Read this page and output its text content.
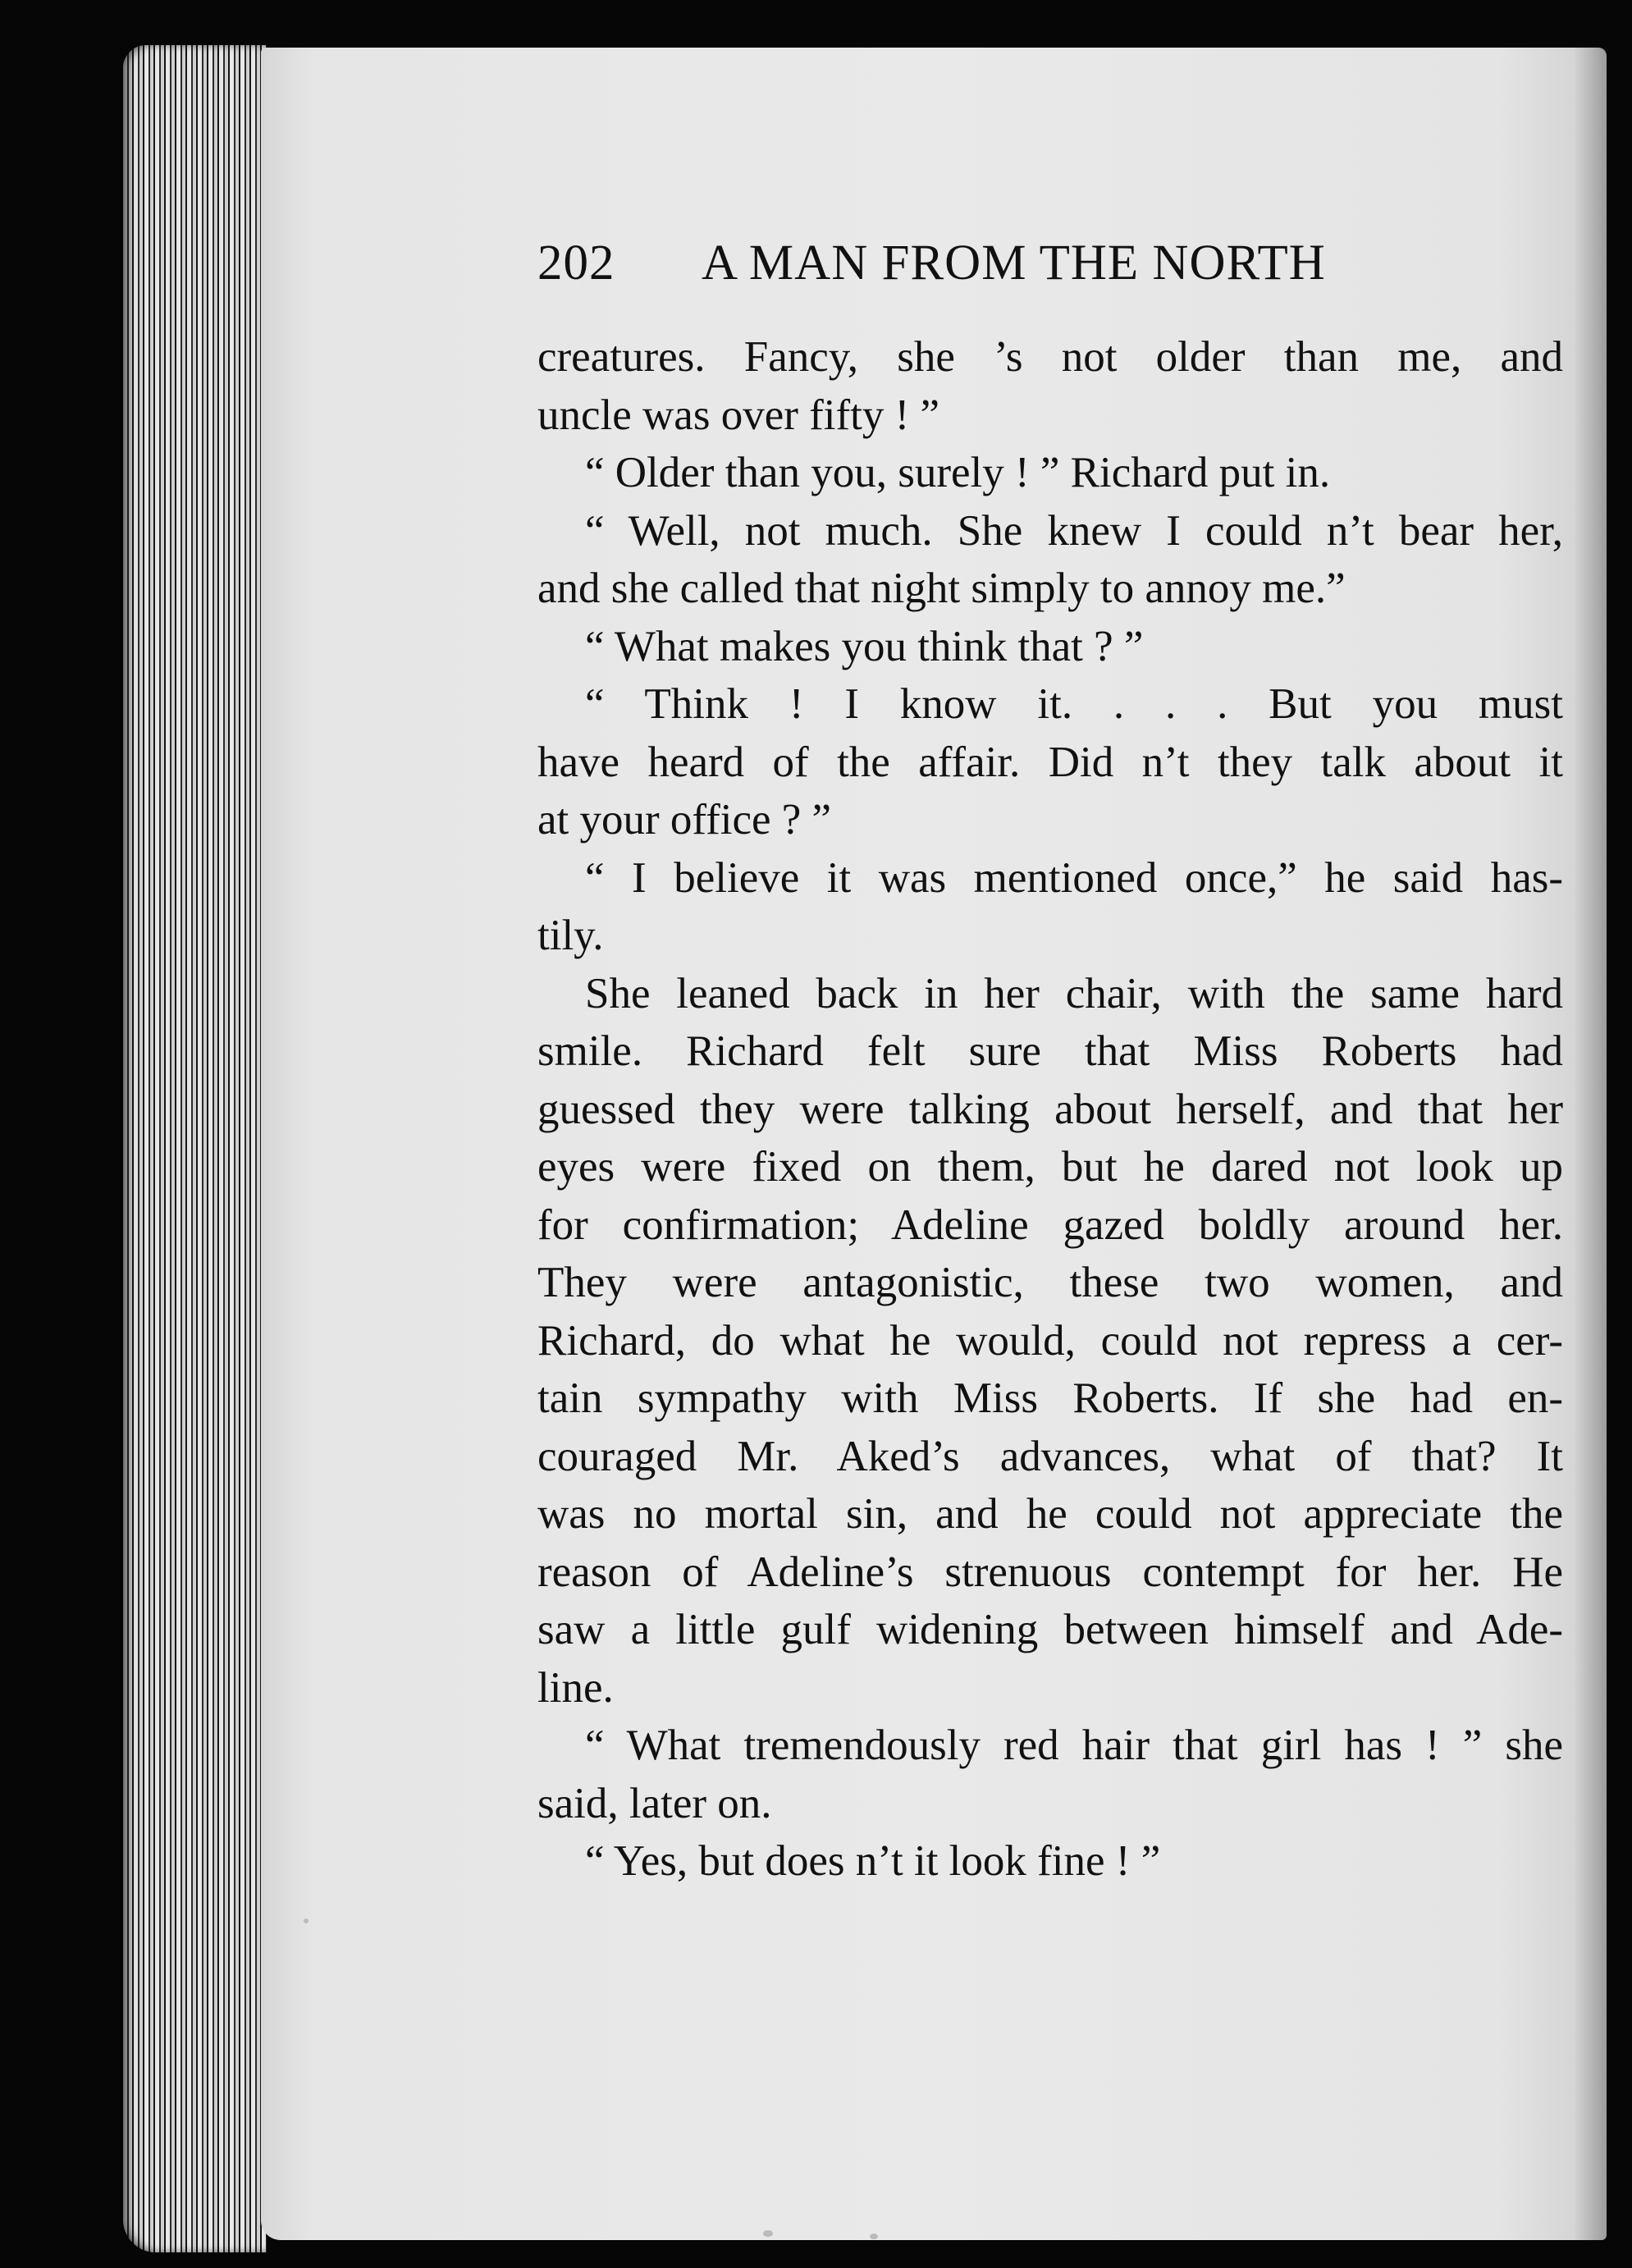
202 A MAN FROM THE NORTH
creatures. Fancy, she ’s not older than me, and
uncle was over fifty ! ”
“ Older than you, surely ! ” Richard put in.
“ Well, not much. She knew I could n’t bear her,
and she called that night simply to annoy me.”
“ What makes you think that ? ”
“ Think ! I know it. . . . But you must
have heard of the affair. Did n’t they talk about it
at your office ? ”
“ I believe it was mentioned once,” he said has-
tily.
She leaned back in her chair, with the same hard
smile. Richard felt sure that Miss Roberts had
guessed they were talking about herself, and that her
eyes were fixed on them, but he dared not look up
for confirmation; Adeline gazed boldly around her.
They were antagonistic, these two women, and
Richard, do what he would, could not repress a cer-
tain sympathy with Miss Roberts. If she had en-
couraged Mr. Aked’s advances, what of that? It
was no mortal sin, and he could not appreciate the
reason of Adeline’s strenuous contempt for her. He
saw a little gulf widening between himself and Ade-
line.
“ What tremendously red hair that girl has ! ” she
said, later on.
“ Yes, but does n’t it look fine ! ”
